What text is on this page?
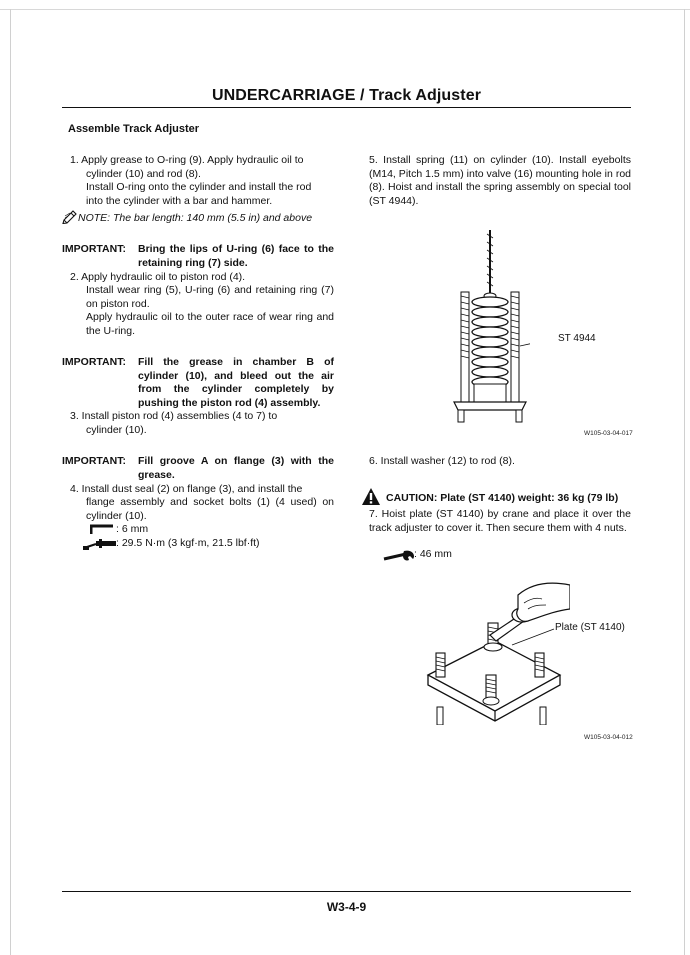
UNDERCARRIAGE / Track Adjuster
Assemble Track Adjuster
1. Apply grease to O-ring (9). Apply hydraulic oil to
cylinder (10) and rod (8).
Install O-ring onto the cylinder and install the rod
into the cylinder with a bar and hammer.
NOTE: The bar length: 140 mm (5.5 in) and above
IMPORTANT: Bring the lips of U-ring (6) face to the retaining ring (7) side.
2. Apply hydraulic oil to piston rod (4).
Install wear ring (5), U-ring (6) and retaining ring (7) on piston rod.
Apply hydraulic oil to the outer race of wear ring and the U-ring.
IMPORTANT: Fill the grease in chamber B of cylinder (10), and bleed out the air from the cylinder completely by pushing the piston rod (4) assembly.
3. Install piston rod (4) assemblies (4 to 7) to
cylinder (10).
IMPORTANT: Fill groove A on flange (3) with the grease.
4. Install dust seal (2) on flange (3), and install the
flange assembly and socket bolts (1) (4 used) on cylinder (10).
: 6 mm
: 29.5 N·m (3 kgf·m, 21.5 lbf·ft)
5. Install spring (11) on cylinder (10). Install eyebolts (M14, Pitch 1.5 mm) into valve (16) mounting hole in rod (8). Hoist and install the spring assembly on special tool (ST 4944).
ST 4944
W105-03-04-017
6. Install washer (12) to rod (8).
CAUTION: Plate (ST 4140) weight: 36 kg (79 lb)
7. Hoist plate (ST 4140) by crane and place it over the track adjuster to cover it. Then secure them with 4 nuts.
: 46 mm
Plate (ST 4140)
W105-03-04-012
W3-4-9
